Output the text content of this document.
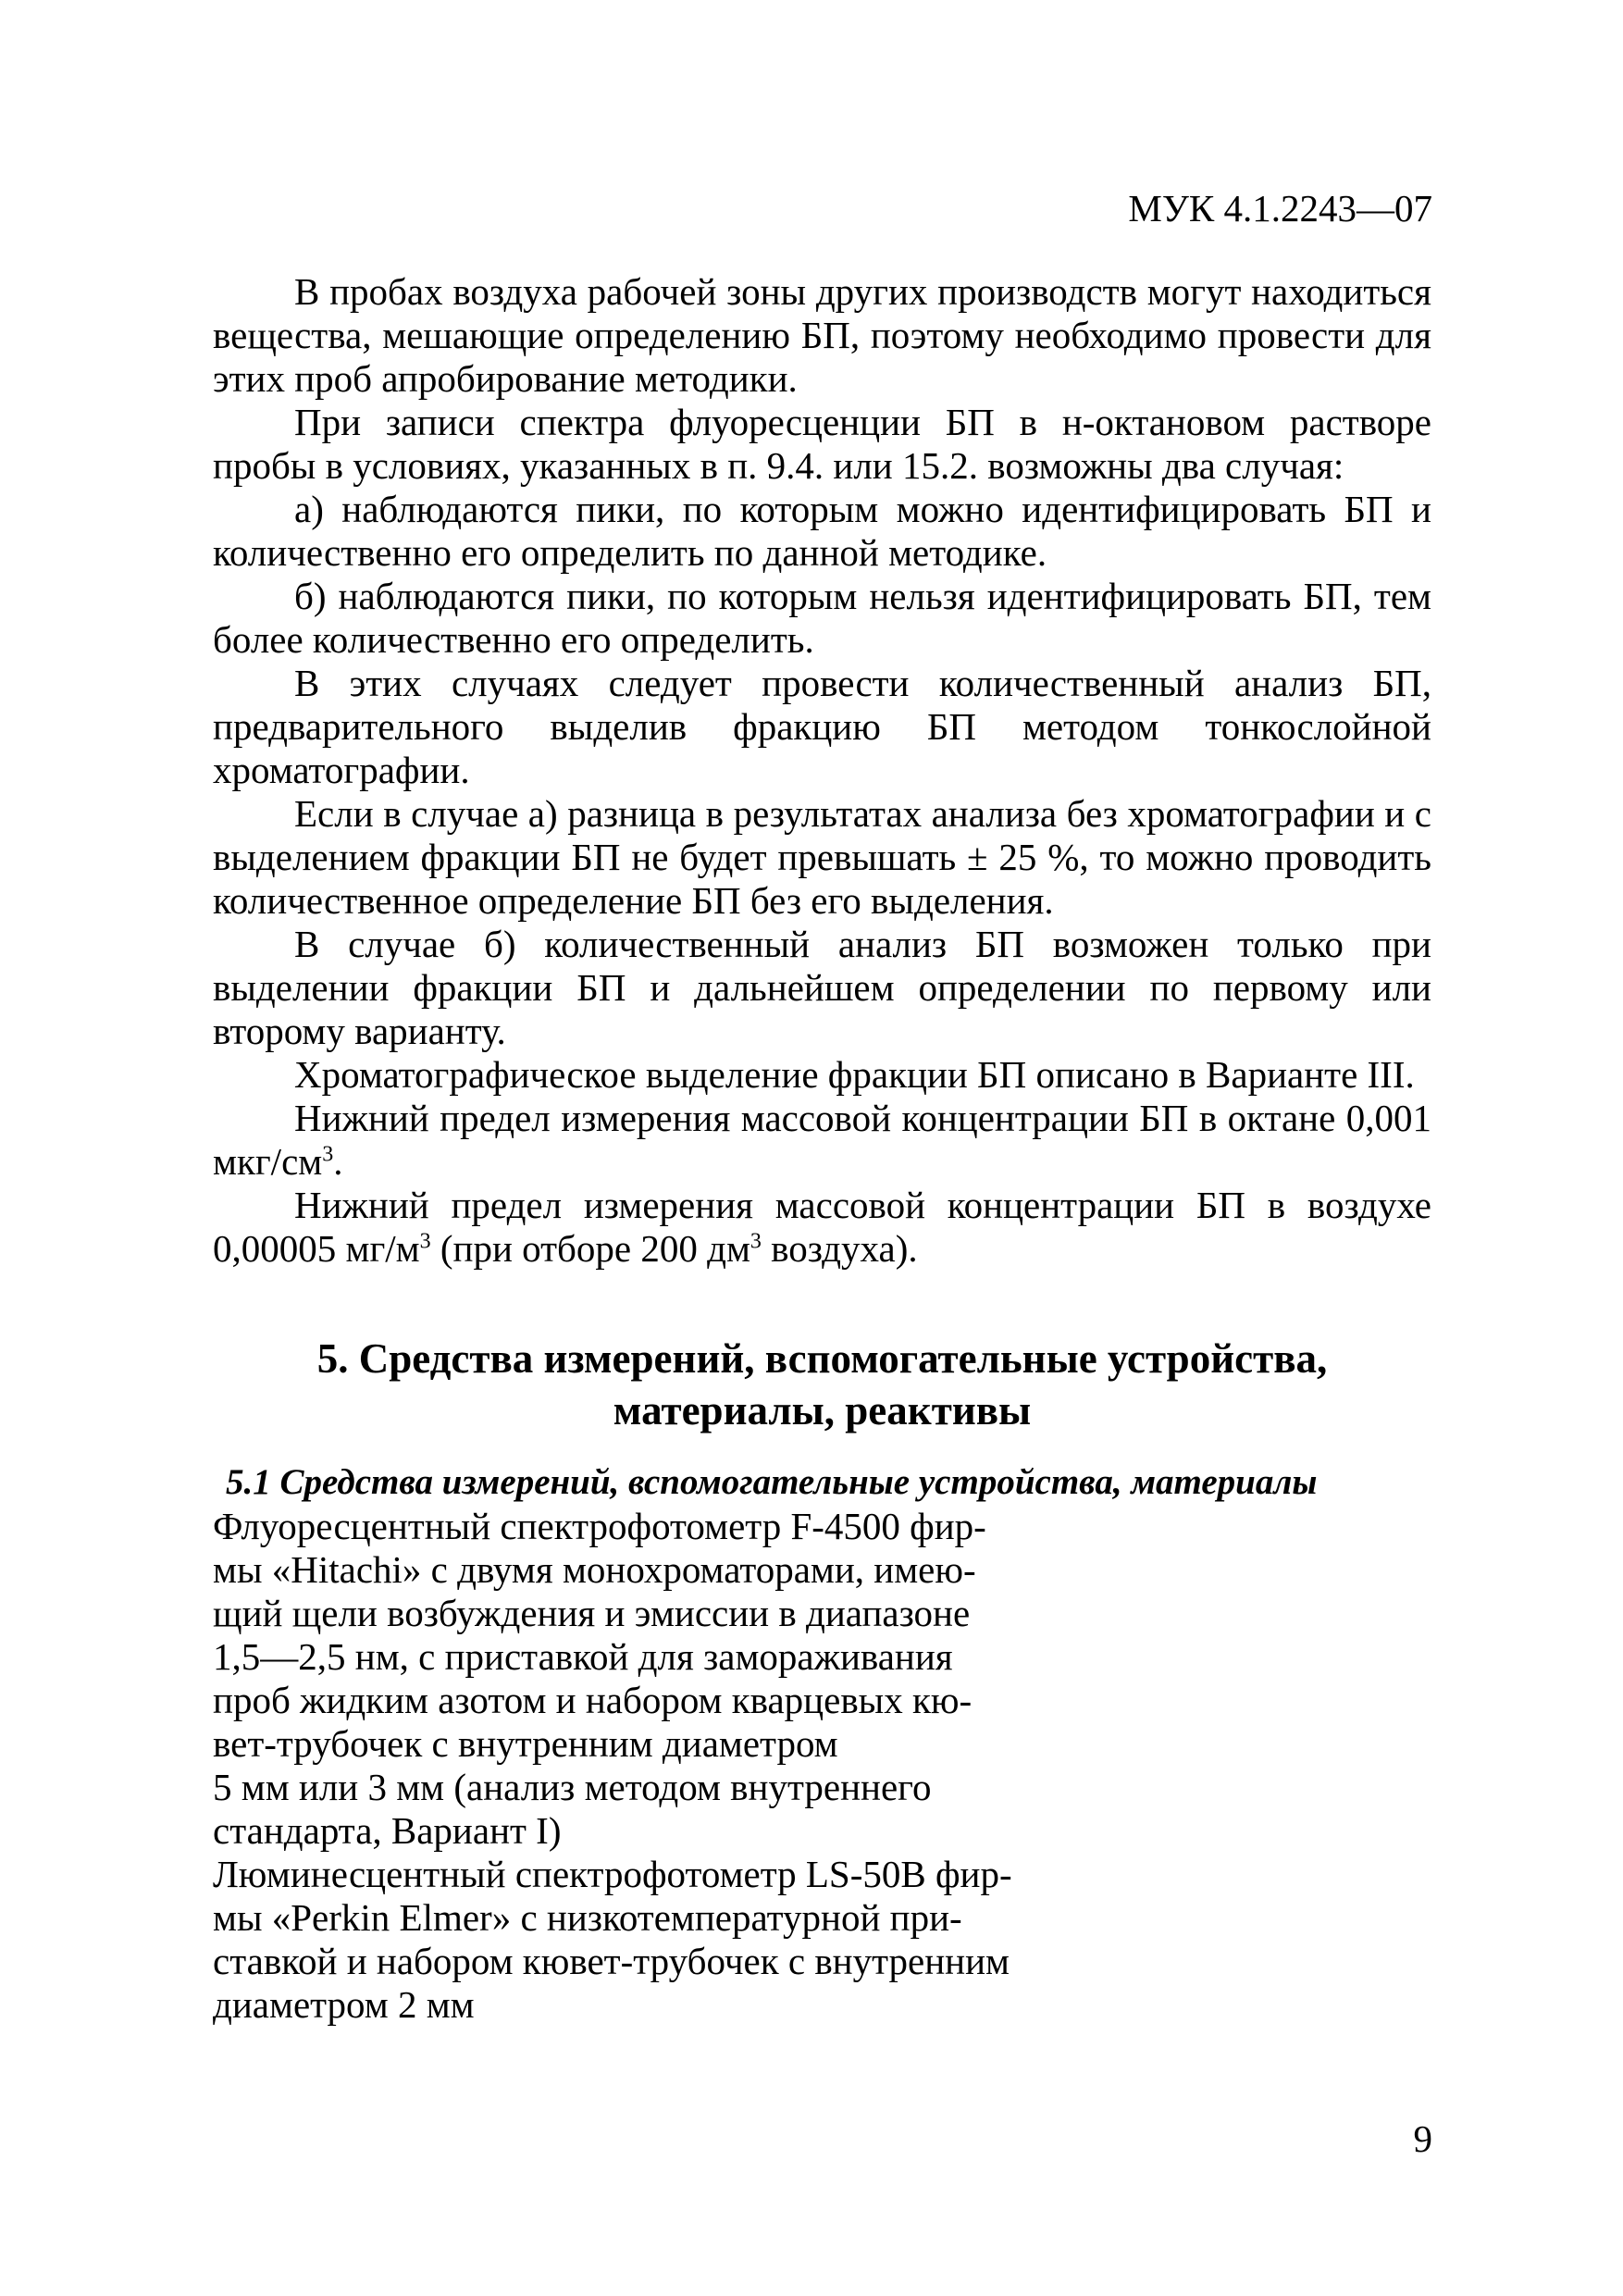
МУК 4.1.2243—07

В пробах воздуха рабочей зоны других производств могут находиться вещества, мешающие определению БП, поэтому необходимо провести для этих проб апробирование методики.

При записи спектра флуоресценции БП в н-октановом растворе пробы в условиях, указанных в п. 9.4. или 15.2. возможны два случая:

а) наблюдаются пики, по которым можно идентифицировать БП и количественно его определить по данной методике.

б) наблюдаются пики, по которым нельзя идентифицировать БП, тем более количественно его определить.

В этих случаях следует провести количественный анализ БП, предварительного выделив фракцию БП методом тонкослойной хроматографии.

Если в случае а) разница в результатах анализа без хроматографии и с выделением фракции БП не будет превышать ± 25 %, то можно проводить количественное определение БП без его выделения.

В случае б) количественный анализ БП возможен только при выделении фракции БП и дальнейшем определении по первому или второму варианту.

Хроматографическое выделение фракции БП описано в Варианте III.

Нижний предел измерения массовой концентрации БП в октане 0,001 мкг/$см^3$.

Нижний предел измерения массовой концентрации БП в воздухе 0,00005 $мг/м^3$ (при отборе 200 $дм^3$ воздуха).

5. Средства измерений, вспомогательные устройства,
материалы, реактивы
5.1 Средства измерений, вспомогательные устройства, материалы

Флуоресцентный спектрофотометр F-4500 фир-
мы «Hitachi» с двумя монохроматорами, имею-
щий щели возбуждения и эмиссии в диапазоне
1,5—2,5 нм, с приставкой для замораживания
проб жидким азотом и набором кварцевых кю-
вет-трубочек с внутренним диаметром
5 мм или 3 мм (анализ методом внутреннего
стандарта, Вариант I)

Люминесцентный спектрофотометр LS-50B фир-
мы «Perkin Elmer» с низкотемпературной при-
ставкой и набором кювет-трубочек с внутренним
диаметром 2 мм

9
